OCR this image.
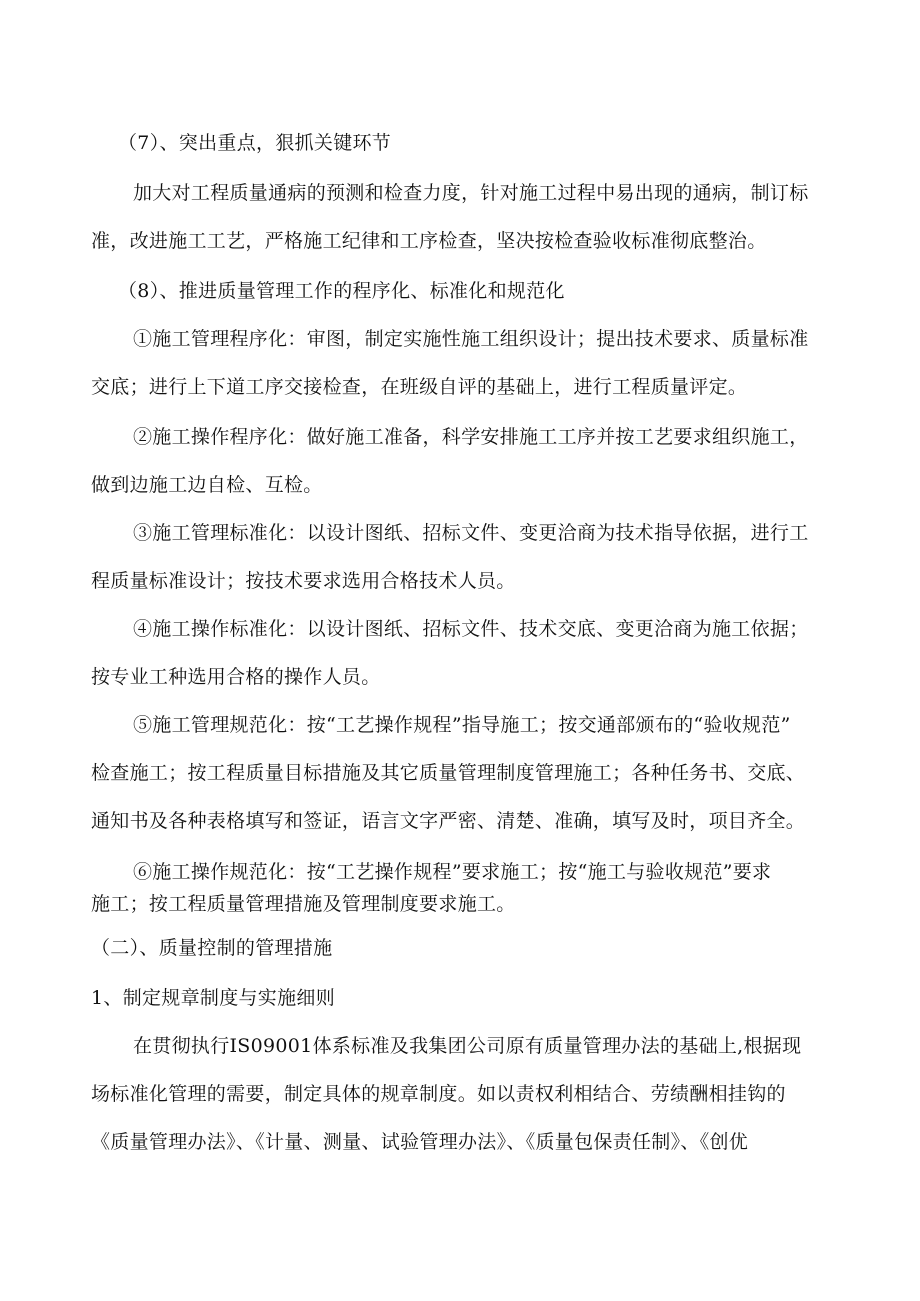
（7）、突出重点，狠抓关键环节
加大对工程质量通病的预测和检查力度，针对施工过程中易出现的通病，制订标
准，改进施工工艺，严格施工纪律和工序检查，坚决按检查验收标准彻底整治。
（8）、推进质量管理工作的程序化、标准化和规范化
①施工管理程序化：审图，制定实施性施工组织设计；提出技术要求、质量标准
交底；进行上下道工序交接检查，在班级自评的基础上，进行工程质量评定。
②施工操作程序化：做好施工准备，科学安排施工工序并按工艺要求组织施工，
做到边施工边自检、互检。
③施工管理标准化：以设计图纸、招标文件、变更洽商为技术指导依据，进行工
程质量标准设计；按技术要求选用合格技术人员。
④施工操作标准化：以设计图纸、招标文件、技术交底、变更洽商为施工依据；
按专业工种选用合格的操作人员。
⑤施工管理规范化：按“工艺操作规程”指导施工；按交通部颁布的“验收规范”
检查施工；按工程质量目标措施及其它质量管理制度管理施工；各种任务书、交底、
通知书及各种表格填写和签证，语言文字严密、清楚、准确，填写及时，项目齐全。
⑥施工操作规范化：按“工艺操作规程”要求施工；按“施工与验收规范”要求
施工；按工程质量管理措施及管理制度要求施工。
（二）、质量控制的管理措施
1、制定规章制度与实施细则
在贯彻执行IS09001体系标准及我集团公司原有质量管理办法的基础上,根据现
场标准化管理的需要，制定具体的规章制度。如以责权利相结合、劳绩酬相挂钩的
《质量管理办法》、《计量、测量、试验管理办法》、《质量包保责任制》、《创优
